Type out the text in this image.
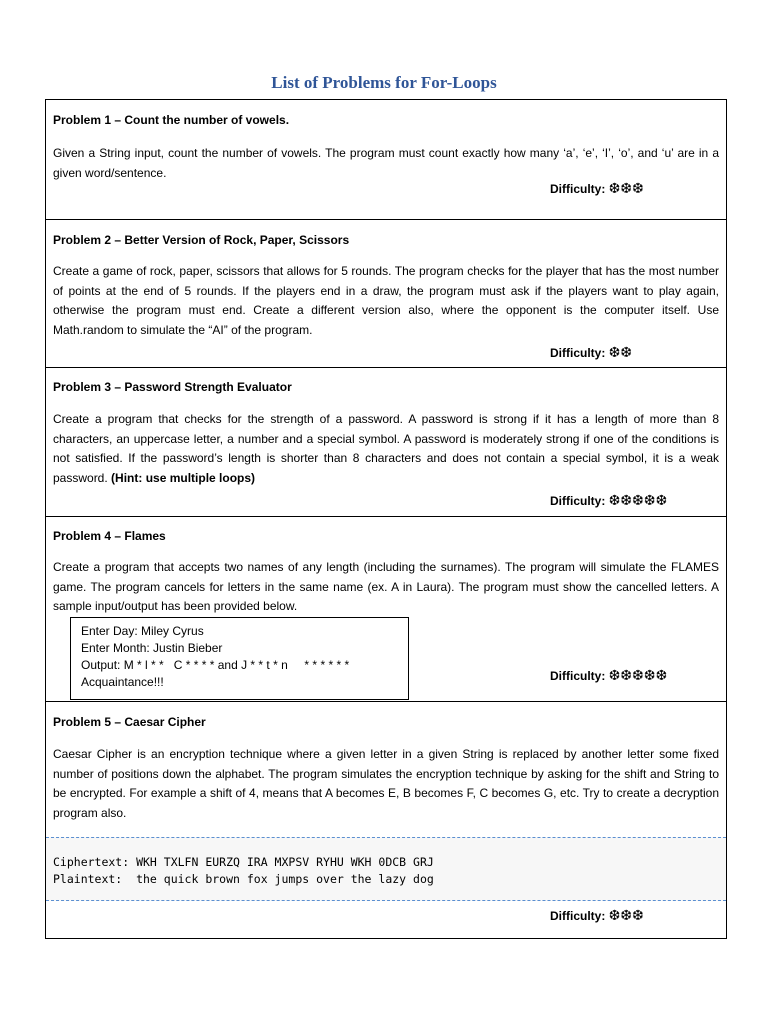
List of Problems for For-Loops
Problem 1 – Count the number of vowels.
Given a String input, count the number of vowels. The program must count exactly how many ‘a’, ‘e’, ‘I’, ‘o’, and ‘u’ are in a given word/sentence.
Difficulty: ❆❆❆
Problem 2 – Better Version of Rock, Paper, Scissors
Create a game of rock, paper, scissors that allows for 5 rounds. The program checks for the player that has the most number of points at the end of 5 rounds. If the players end in a draw, the program must ask if the players want to play again, otherwise the program must end. Create a different version also, where the opponent is the computer itself. Use Math.random to simulate the “AI” of the program.
Difficulty: ❆❆
Problem 3 – Password Strength Evaluator
Create a program that checks for the strength of a password. A password is strong if it has a length of more than 8 characters, an uppercase letter, a number and a special symbol. A password is moderately strong if one of the conditions is not satisfied. If the password’s length is shorter than 8 characters and does not contain a special symbol, it is a weak password. (Hint: use multiple loops)
Difficulty: ❆❆❆❆❆
Problem 4 – Flames
Create a program that accepts two names of any length (including the surnames). The program will simulate the FLAMES game. The program cancels for letters in the same name (ex. A in Laura). The program must show the cancelled letters. A sample input/output has been provided below.
Enter Day: Miley Cyrus
Enter Month: Justin Bieber
Output: M * l * *   C * * * * and J * * t * n     * * * * * *
Acquaintance!!!	Difficulty: ❆❆❆❆❆
Problem 5 – Caesar Cipher
Caesar Cipher is an encryption technique where a given letter in a given String is replaced by another letter some fixed number of positions down the alphabet. The program simulates the encryption technique by asking for the shift and String to be encrypted. For example a shift of 4, means that A becomes E, B becomes F, C becomes G, etc. Try to create a decryption program also.
Ciphertext: WKH TXLFN EURZQ IRA MXPSV RYHU WKH 0DCB GRJ
Plaintext:  the quick brown fox jumps over the lazy dog
Difficulty: ❆❆❆
